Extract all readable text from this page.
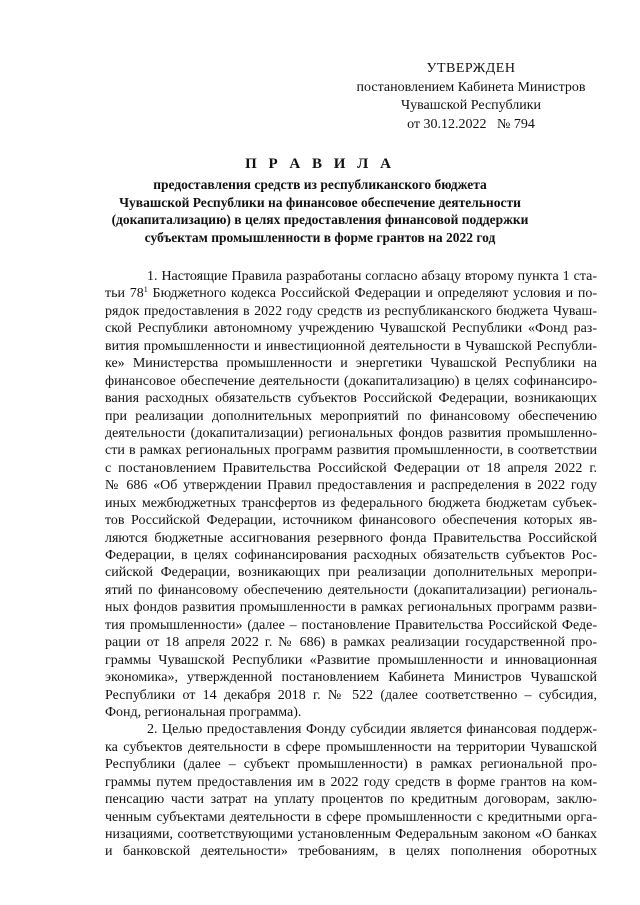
УТВЕРЖДЕН
постановлением Кабинета Министров
Чувашской Республики
от 30.12.2022   № 794
П Р А В И Л А
предоставления средств из республиканского бюджета
Чувашской Республики на финансовое обеспечение деятельности
(докапитализацию) в целях предоставления финансовой поддержки
субъектам промышленности в форме грантов на 2022 год
1. Настоящие Правила разработаны согласно абзацу второму пункта 1 ста-
тьи $78^1$ Бюджетного кодекса Российской Федерации и определяют условия и по-
рядок предоставления в 2022 году средств из республиканского бюджета Чуваш-
ской Республики автономному учреждению Чувашской Республики «Фонд раз-
вития промышленности и инвестиционной деятельности в Чувашской Республи-
ке» Министерства промышленности и энергетики Чувашской Республики на
финансовое обеспечение деятельности (докапитализацию) в целях софинансиро-
вания расходных обязательств субъектов Российской Федерации, возникающих
при реализации дополнительных мероприятий по финансовому обеспечению
деятельности (докапитализации) региональных фондов развития промышленно-
сти в рамках региональных программ развития промышленности, в соответствии
с постановлением Правительства Российской Федерации от 18 апреля 2022 г.
№ 686 «Об утверждении Правил предоставления и распределения в 2022 году
иных межбюджетных трансфертов из федерального бюджета бюджетам субъек-
тов Российской Федерации, источником финансового обеспечения которых яв-
ляются бюджетные ассигнования резервного фонда Правительства Российской
Федерации, в целях софинансирования расходных обязательств субъектов Рос-
сийской Федерации, возникающих при реализации дополнительных меропри-
ятий по финансовому обеспечению деятельности (докапитализации) региональ-
ных фондов развития промышленности в рамках региональных программ разви-
тия промышленности» (далее – постановление Правительства Российской Феде-
рации от 18 апреля 2022 г. № 686) в рамках реализации государственной про-
граммы Чувашской Республики «Развитие промышленности и инновационная
экономика», утвержденной постановлением Кабинета Министров Чувашской
Республики от 14 декабря 2018 г. № 522 (далее соответственно – субсидия,
Фонд, региональная программа).
2. Целью предоставления Фонду субсидии является финансовая поддерж-
ка субъектов деятельности в сфере промышленности на территории Чувашской
Республики (далее – субъект промышленности) в рамках региональной про-
граммы путем предоставления им в 2022 году средств в форме грантов на ком-
пенсацию части затрат на уплату процентов по кредитным договорам, заклю-
ченным субъектами деятельности в сфере промышленности с кредитными орга-
низациями, соответствующими установленным Федеральным законом «О банках
и банковской деятельности» требованиям, в целях пополнения оборотных
